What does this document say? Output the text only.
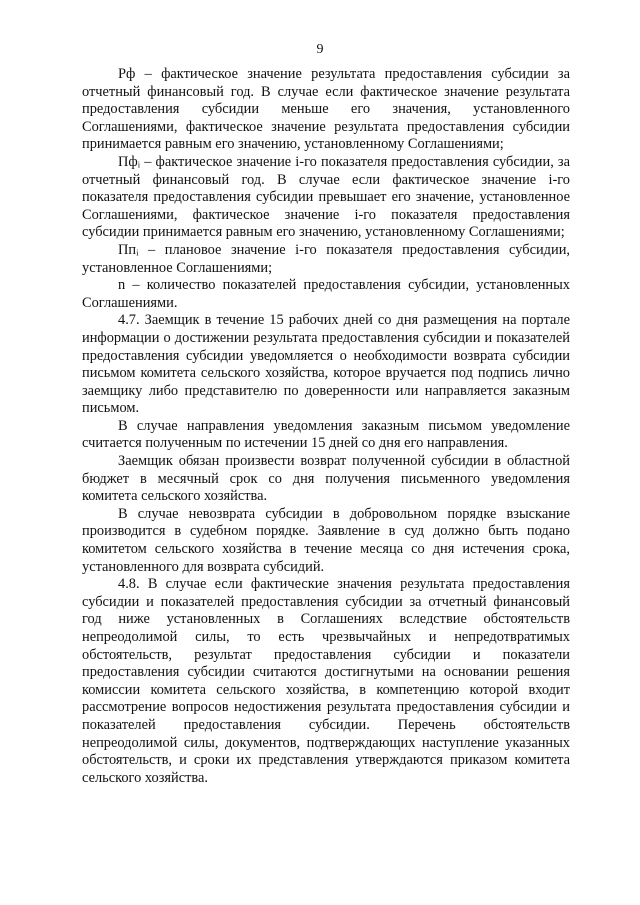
9

Рф – фактическое значение результата предоставления субсидии за отчетный финансовый год. В случае если фактическое значение результата предоставления субсидии меньше его значения, установленного Соглашениями, фактическое значение результата предоставления субсидии принимается равным его значению, установленному Соглашениями;

Пфᵢ – фактическое значение i-го показателя предоставления субсидии, за отчетный финансовый год. В случае если фактическое значение i-го показателя предоставления субсидии превышает его значение, установленное Соглашениями, фактическое значение i-го показателя предоставления субсидии принимается равным его значению, установленному Соглашениями;

Ппᵢ – плановое значение i-го показателя предоставления субсидии, установленное Соглашениями;

n – количество показателей предоставления субсидии, установленных Соглашениями.

4.7. Заемщик в течение 15 рабочих дней со дня размещения на портале информации о достижении результата предоставления субсидии и показателей предоставления субсидии уведомляется о необходимости возврата субсидии письмом комитета сельского хозяйства, которое вручается под подпись лично заемщику либо представителю по доверенности или направляется заказным письмом.

В случае направления уведомления заказным письмом уведомление считается полученным по истечении 15 дней со дня его направления.

Заемщик обязан произвести возврат полученной субсидии в областной бюджет в месячный срок со дня получения письменного уведомления комитета сельского хозяйства.

В случае невозврата субсидии в добровольном порядке взыскание производится в судебном порядке. Заявление в суд должно быть подано комитетом сельского хозяйства в течение месяца со дня истечения срока, установленного для возврата субсидий.

4.8. В случае если фактические значения результата предоставления субсидии и показателей предоставления субсидии за отчетный финансовый год ниже установленных в Соглашениях вследствие обстоятельств непреодолимой силы, то есть чрезвычайных и непредотвратимых обстоятельств, результат предоставления субсидии и показатели предоставления субсидии считаются достигнутыми на основании решения комиссии комитета сельского хозяйства, в компетенцию которой входит рассмотрение вопросов недостижения результата предоставления субсидии и показателей предоставления субсидии. Перечень обстоятельств непреодолимой силы, документов, подтверждающих наступление указанных обстоятельств, и сроки их представления утверждаются приказом комитета сельского хозяйства.
